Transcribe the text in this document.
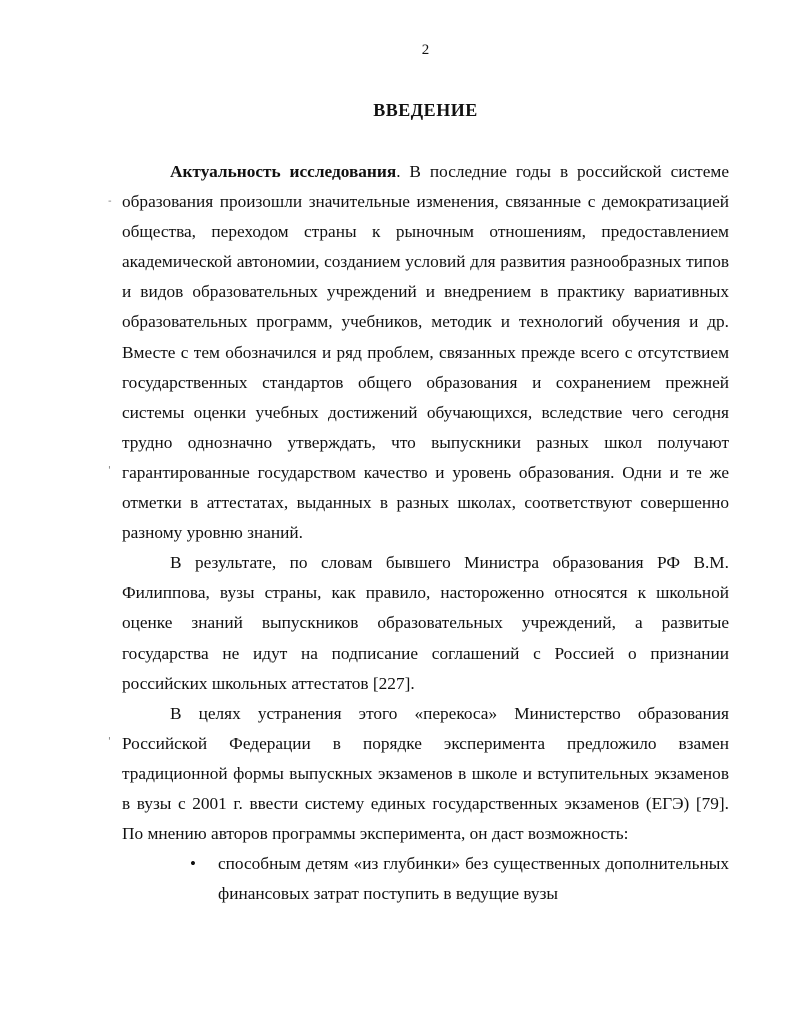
2
ВВЕДЕНИЕ
-
'
'

Актуальность исследования. В последние годы в российской системе образования произошли значительные изменения, связанные с демократизацией общества, переходом страны к рыночным отношениям, предоставлением академической автономии, созданием условий для развития разнообразных типов и видов образовательных учреждений и внедрением в практику вариативных образовательных программ, учебников, методик и технологий обучения и др. Вместе с тем обозначился и ряд проблем, связанных прежде всего с отсутствием государственных стандартов общего образования и сохранением прежней системы оценки учебных достижений обучающихся, вследствие чего сегодня трудно однозначно утверждать, что выпускники разных школ получают гарантированные государством качество и уровень образования. Одни и те же отметки в аттестатах, выданных в разных школах, соответствуют совершенно разному уровню знаний.

В результате, по словам бывшего Министра образования РФ В.М. Филиппова, вузы страны, как правило, настороженно относятся к школьной оценке знаний выпускников образовательных учреждений, а развитые государства не идут на подписание соглашений с Россией о признании российских школьных аттестатов [227].

В целях устранения этого «перекоса» Министерство образования Российской Федерации в порядке эксперимента предложило взамен традиционной формы выпускных экзаменов в школе и вступительных экзаменов в вузы с 2001 г. ввести систему единых государственных экзаменов (ЕГЭ) [79]. По мнению авторов программы эксперимента, он даст возможность:

• способным детям «из глубинки» без существенных дополнительных финансовых затрат поступить в ведущие вузы
